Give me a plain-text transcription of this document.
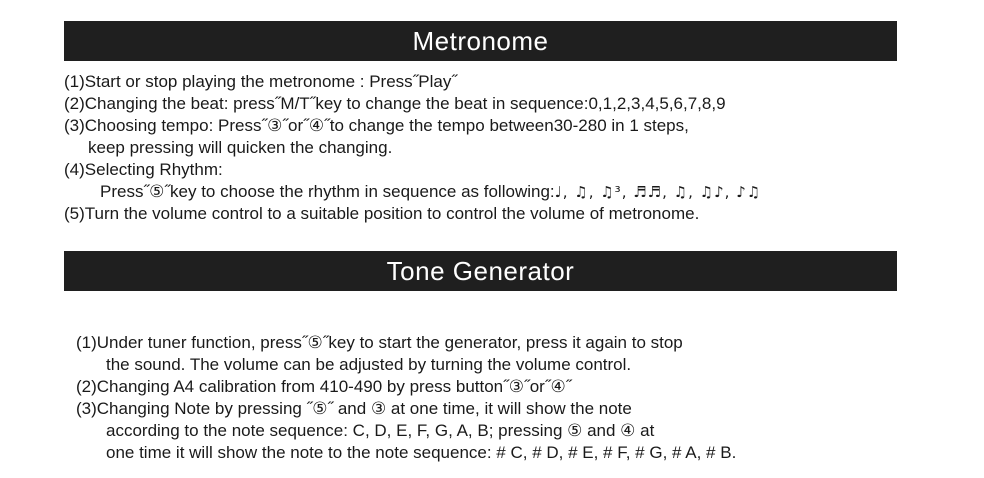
Metronome
(1)Start or stop playing the metronome : Press˝Play˝
(2)Changing the beat: press˝M/T˝key to change the beat in sequence:0,1,2,3,4,5,6,7,8,9
(3)Choosing tempo: Press˝③˝or˝④˝to change the tempo between30-280 in 1 steps,
keep pressing will quicken the changing.
(4)Selecting Rhythm:
Press˝⑤˝key to choose the rhythm in sequence as following:♩, ♫, ♫³, ♬♬, ♫, ♫♪, ♪♫
(5)Turn the volume control to a suitable position to control the volume of metronome.
Tone Generator
(1)Under tuner function, press˝⑤˝key to start the generator, press it again to stop
the sound. The volume can be adjusted by turning the volume control.
(2)Changing A4 calibration from 410-490 by press button˝③˝or˝④˝
(3)Changing Note by pressing ˝⑤˝ and ③ at one time, it will show the note
according to the note sequence: C, D, E, F, G, A, B; pressing ⑤ and ④ at
one time it will show the note to the note sequence: # C, # D, # E, # F, # G, # A, # B.
